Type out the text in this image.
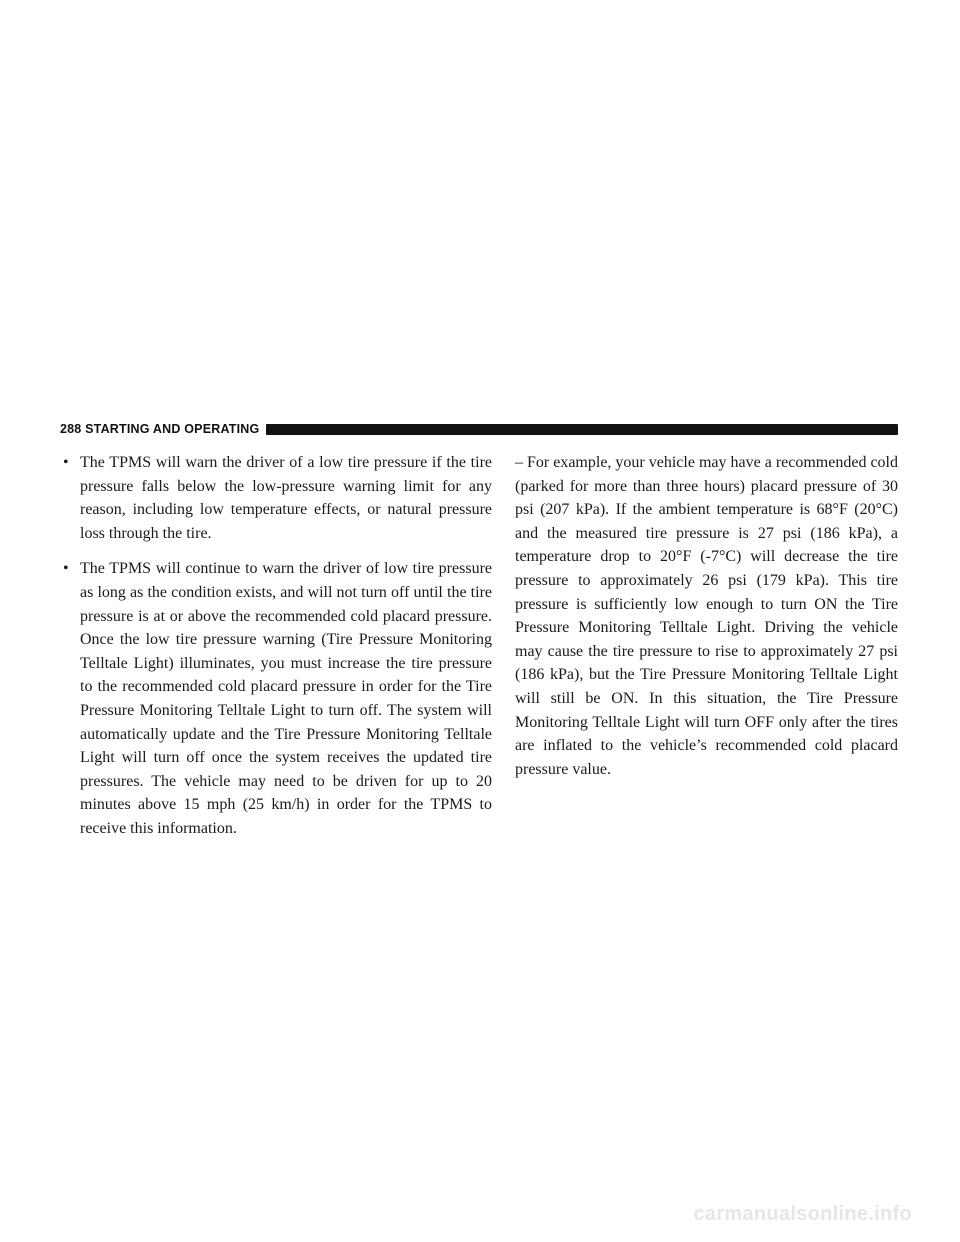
288 STARTING AND OPERATING
• The TPMS will warn the driver of a low tire pressure if the tire pressure falls below the low-pressure warning limit for any reason, including low temperature effects, or natural pressure loss through the tire.

• The TPMS will continue to warn the driver of low tire pressure as long as the condition exists, and will not turn off until the tire pressure is at or above the recommended cold placard pressure. Once the low tire pressure warning (Tire Pressure Monitoring Telltale Light) illuminates, you must increase the tire pressure to the recommended cold placard pressure in order for the Tire Pressure Monitoring Telltale Light to turn off. The system will automatically update and the Tire Pressure Monitoring Telltale Light will turn off once the system receives the updated tire pressures. The vehicle may need to be driven for up to 20 minutes above 15 mph (25 km/h) in order for the TPMS to receive this information.

– For example, your vehicle may have a recommended cold (parked for more than three hours) placard pressure of 30 psi (207 kPa). If the ambient temperature is 68°F (20°C) and the measured tire pressure is 27 psi (186 kPa), a temperature drop to 20°F (-7°C) will decrease the tire pressure to approximately 26 psi (179 kPa). This tire pressure is sufficiently low enough to turn ON the Tire Pressure Monitoring Telltale Light. Driving the vehicle may cause the tire pressure to rise to approximately 27 psi (186 kPa), but the Tire Pressure Monitoring Telltale Light will still be ON. In this situation, the Tire Pressure Monitoring Telltale Light will turn OFF only after the tires are inflated to the vehicle’s recommended cold placard pressure value.

carmanualsonline.info
